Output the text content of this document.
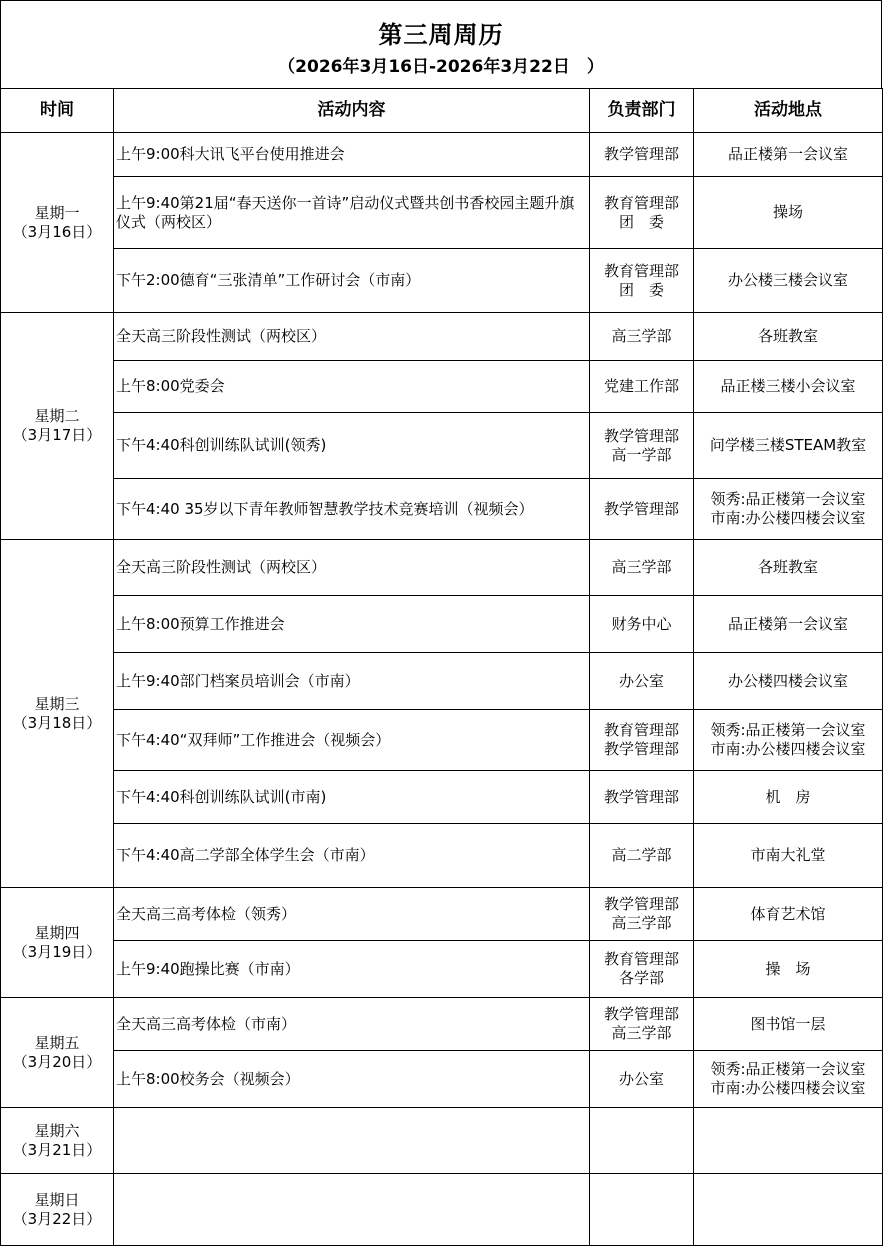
第三周周历
（2026年3月16日-2026年3月22日　）
时间	活动内容	负责部门	活动地点

星期一
（3月16日）	上午9:00科大讯飞平台使用推进会	教学管理部	品正楼第一会议室

	上午9:40第21届“春天送你一首诗”启动仪式暨共创书香校园主题升旗仪式（两校区）	教育管理部
团　委	操场

	下午2:00德育“三张清单”工作研讨会（市南）	教育管理部
团　委	办公楼三楼会议室

星期二
（3月17日）	全天高三阶段性测试（两校区）	高三学部	各班教室

	上午8:00党委会	党建工作部	品正楼三楼小会议室

	下午4:40科创训练队试训(领秀)	教学管理部
高一学部	问学楼三楼STEAM教室

	下午4:40 35岁以下青年教师智慧教学技术竞赛培训（视频会）	教学管理部	领秀:品正楼第一会议室
市南:办公楼四楼会议室

星期三
（3月18日）	全天高三阶段性测试（两校区）	高三学部	各班教室

	上午8:00预算工作推进会	财务中心	品正楼第一会议室

	上午9:40部门档案员培训会（市南）	办公室	办公楼四楼会议室

	下午4:40“双拜师”工作推进会（视频会）	教育管理部
教学管理部	领秀:品正楼第一会议室
市南:办公楼四楼会议室

	下午4:40科创训练队试训(市南)	教学管理部	机　房

	下午4:40高二学部全体学生会（市南）	高二学部	市南大礼堂

星期四
（3月19日）	全天高三高考体检（领秀）	教学管理部
高三学部	体育艺术馆

	上午9:40跑操比赛（市南）	教育管理部
各学部	操　场

星期五
（3月20日）	全天高三高考体检（市南）	教学管理部
高三学部	图书馆一层

	上午8:00校务会（视频会）	办公室	领秀:品正楼第一会议室
市南:办公楼四楼会议室

星期六
（3月21日）			

星期日
（3月22日）			
